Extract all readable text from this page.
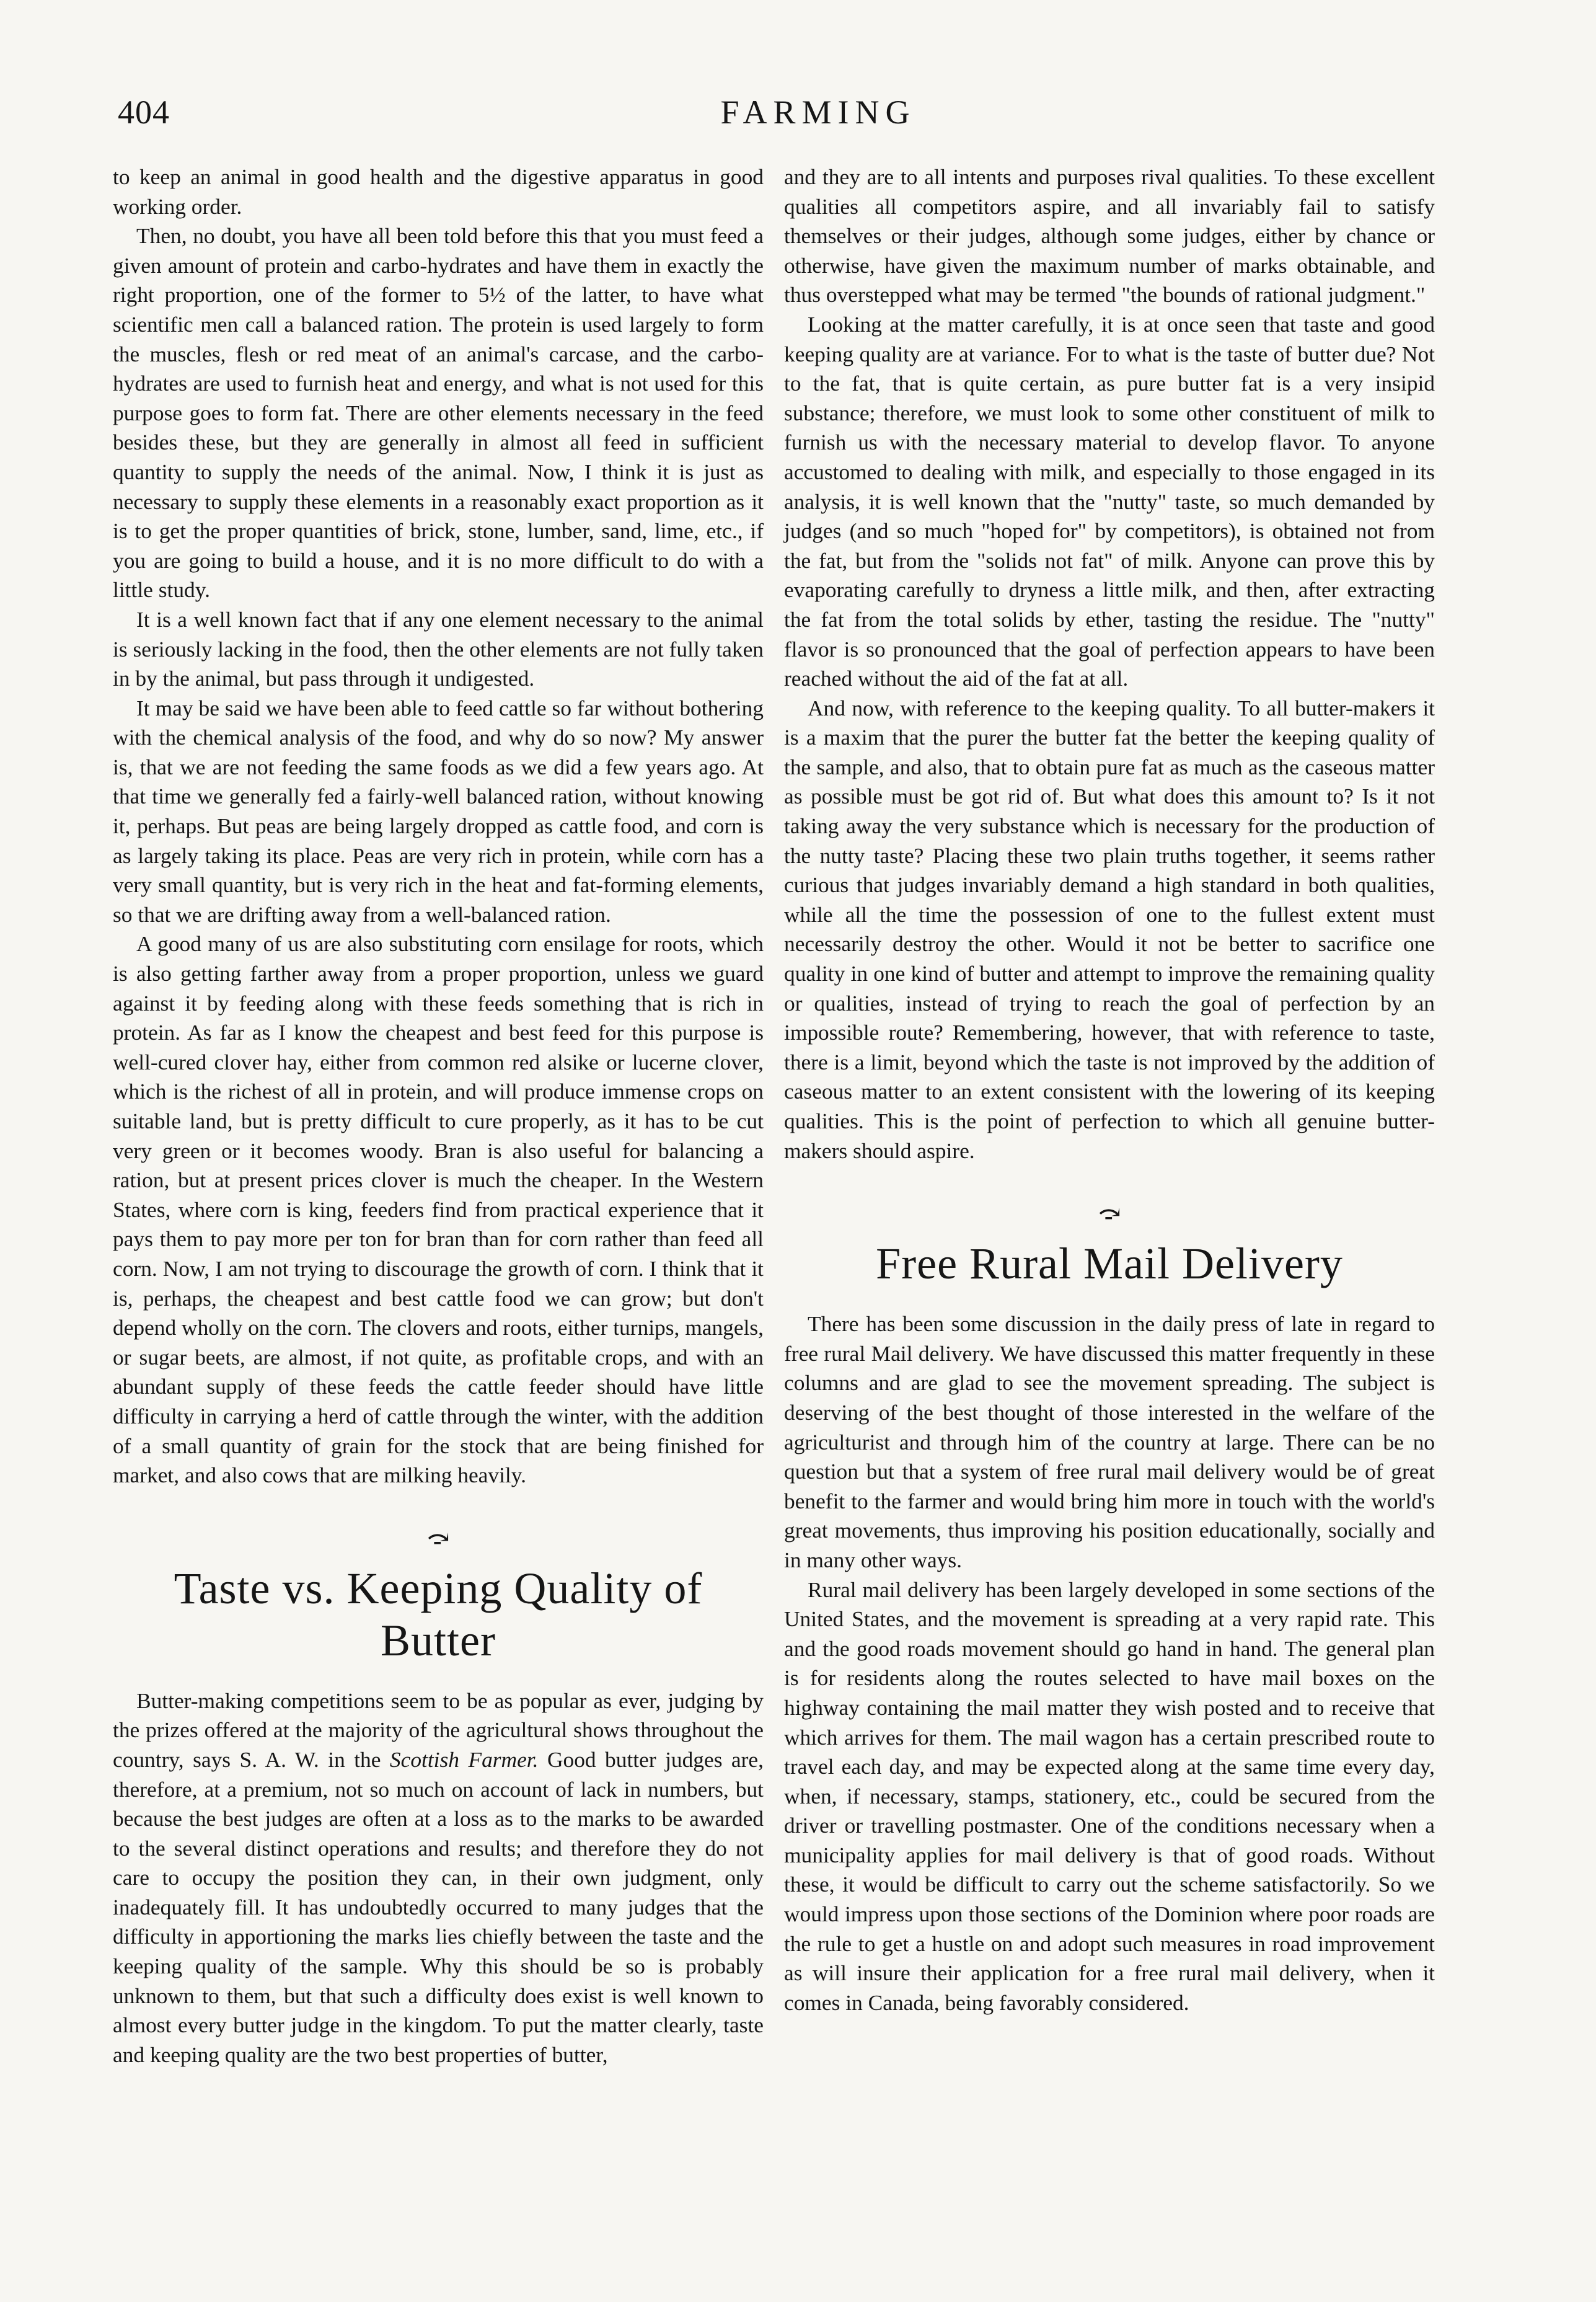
404	FARMING

to keep an animal in good health and the digestive apparatus in good working order.

Then, no doubt, you have all been told before this that you must feed a given amount of protein and carbo-hydrates and have them in exactly the right proportion, one of the former to 5½ of the latter, to have what scientific men call a balanced ration. The protein is used largely to form the muscles, flesh or red meat of an animal's carcase, and the carbo-hydrates are used to furnish heat and energy, and what is not used for this purpose goes to form fat. There are other elements necessary in the feed besides these, but they are generally in almost all feed in sufficient quantity to supply the needs of the animal. Now, I think it is just as necessary to supply these elements in a reasonably exact proportion as it is to get the proper quantities of brick, stone, lumber, sand, lime, etc., if you are going to build a house, and it is no more difficult to do with a little study.

It is a well known fact that if any one element necessary to the animal is seriously lacking in the food, then the other elements are not fully taken in by the animal, but pass through it undigested.

It may be said we have been able to feed cattle so far without bothering with the chemical analysis of the food, and why do so now? My answer is, that we are not feeding the same foods as we did a few years ago. At that time we generally fed a fairly-well balanced ration, without knowing it, perhaps. But peas are being largely dropped as cattle food, and corn is as largely taking its place. Peas are very rich in protein, while corn has a very small quantity, but is very rich in the heat and fat-forming elements, so that we are drifting away from a well-balanced ration.

A good many of us are also substituting corn ensilage for roots, which is also getting farther away from a proper proportion, unless we guard against it by feeding along with these feeds something that is rich in protein. As far as I know the cheapest and best feed for this purpose is well-cured clover hay, either from common red alsike or lucerne clover, which is the richest of all in protein, and will produce immense crops on suitable land, but is pretty difficult to cure properly, as it has to be cut very green or it becomes woody. Bran is also useful for balancing a ration, but at present prices clover is much the cheaper. In the Western States, where corn is king, feeders find from practical experience that it pays them to pay more per ton for bran than for corn rather than feed all corn. Now, I am not trying to discourage the growth of corn. I think that it is, perhaps, the cheapest and best cattle food we can grow; but don't depend wholly on the corn. The clovers and roots, either turnips, mangels, or sugar beets, are almost, if not quite, as profitable crops, and with an abundant supply of these feeds the cattle feeder should have little difficulty in carrying a herd of cattle through the winter, with the addition of a small quantity of grain for the stock that are being finished for market, and also cows that are milking heavily.

⤼
Taste vs. Keeping Quality of Butter

Butter-making competitions seem to be as popular as ever, judging by the prizes offered at the majority of the agricultural shows throughout the country, says S. A. W. in the Scottish Farmer. Good butter judges are, therefore, at a premium, not so much on account of lack in numbers, but because the best judges are often at a loss as to the marks to be awarded to the several distinct operations and results; and therefore they do not care to occupy the position they can, in their own judgment, only inadequately fill. It has undoubtedly occurred to many judges that the difficulty in apportioning the marks lies chiefly between the taste and the keeping quality of the sample. Why this should be so is probably unknown to them, but that such a difficulty does exist is well known to almost every butter judge in the kingdom. To put the matter clearly, taste and keeping quality are the two best properties of butter,

and they are to all intents and purposes rival qualities. To these excellent qualities all competitors aspire, and all invariably fail to satisfy themselves or their judges, although some judges, either by chance or otherwise, have given the maximum number of marks obtainable, and thus overstepped what may be termed "the bounds of rational judgment."

Looking at the matter carefully, it is at once seen that taste and good keeping quality are at variance. For to what is the taste of butter due? Not to the fat, that is quite certain, as pure butter fat is a very insipid substance; therefore, we must look to some other constituent of milk to furnish us with the necessary material to develop flavor. To anyone accustomed to dealing with milk, and especially to those engaged in its analysis, it is well known that the "nutty" taste, so much demanded by judges (and so much "hoped for" by competitors), is obtained not from the fat, but from the "solids not fat" of milk. Anyone can prove this by evaporating carefully to dryness a little milk, and then, after extracting the fat from the total solids by ether, tasting the residue. The "nutty" flavor is so pronounced that the goal of perfection appears to have been reached without the aid of the fat at all.

And now, with reference to the keeping quality. To all butter-makers it is a maxim that the purer the butter fat the better the keeping quality of the sample, and also, that to obtain pure fat as much as the caseous matter as possible must be got rid of. But what does this amount to? Is it not taking away the very substance which is necessary for the production of the nutty taste? Placing these two plain truths together, it seems rather curious that judges invariably demand a high standard in both qualities, while all the time the possession of one to the fullest extent must necessarily destroy the other. Would it not be better to sacrifice one quality in one kind of butter and attempt to improve the remaining quality or qualities, instead of trying to reach the goal of perfection by an impossible route? Remembering, however, that with reference to taste, there is a limit, beyond which the taste is not improved by the addition of caseous matter to an extent consistent with the lowering of its keeping qualities. This is the point of perfection to which all genuine butter-makers should aspire.

⤼
Free Rural Mail Delivery

There has been some discussion in the daily press of late in regard to free rural Mail delivery. We have discussed this matter frequently in these columns and are glad to see the movement spreading. The subject is deserving of the best thought of those interested in the welfare of the agriculturist and through him of the country at large. There can be no question but that a system of free rural mail delivery would be of great benefit to the farmer and would bring him more in touch with the world's great movements, thus improving his position educationally, socially and in many other ways.

Rural mail delivery has been largely developed in some sections of the United States, and the movement is spreading at a very rapid rate. This and the good roads movement should go hand in hand. The general plan is for residents along the routes selected to have mail boxes on the highway containing the mail matter they wish posted and to receive that which arrives for them. The mail wagon has a certain prescribed route to travel each day, and may be expected along at the same time every day, when, if necessary, stamps, stationery, etc., could be secured from the driver or travelling postmaster. One of the conditions necessary when a municipality applies for mail delivery is that of good roads. Without these, it would be difficult to carry out the scheme satisfactorily. So we would impress upon those sections of the Dominion where poor roads are the rule to get a hustle on and adopt such measures in road improvement as will insure their application for a free rural mail delivery, when it comes in Canada, being favorably considered.
